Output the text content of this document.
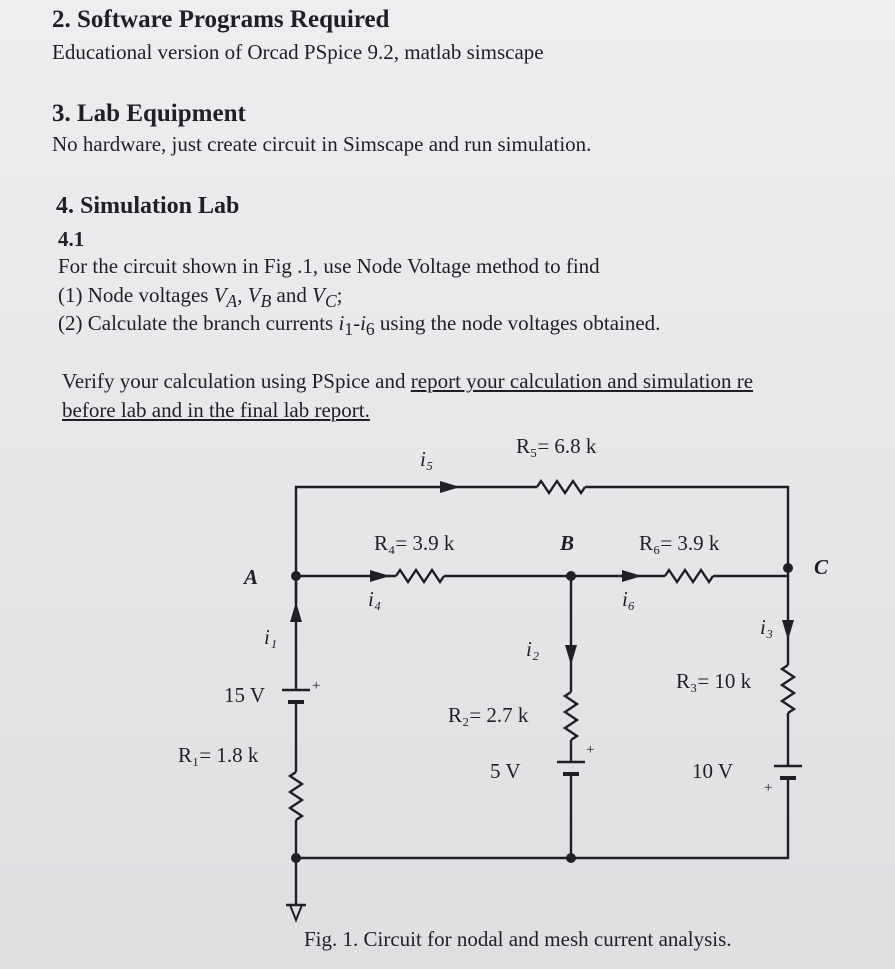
2. Software Programs Required
Educational version of Orcad PSpice 9.2, matlab simscape
3. Lab Equipment
No hardware, just create circuit in Simscape and run simulation.
4. Simulation Lab
4.1
For the circuit shown in Fig .1, use Node Voltage method to find
(1) Node voltages $V_A$, $V_B$ and $V_C$;
(2) Calculate the branch currents $i_1-i_6$ using the node voltages obtained.
Verify your calculation using PSpice and report your calculation and simulation re
before lab and in the final lab report.
R₅= 6.8 k
i₅
R₄= 3.9 k	B	R₆= 3.9 k
A	C
i₄	i₆
i₁	i₂
i₃
15 V	+	R₃= 10 k
R₂= 2.7 k
R₁= 1.8 k
5 V
+
10 V
+
Fig. 1. Circuit for nodal and mesh current analysis.
